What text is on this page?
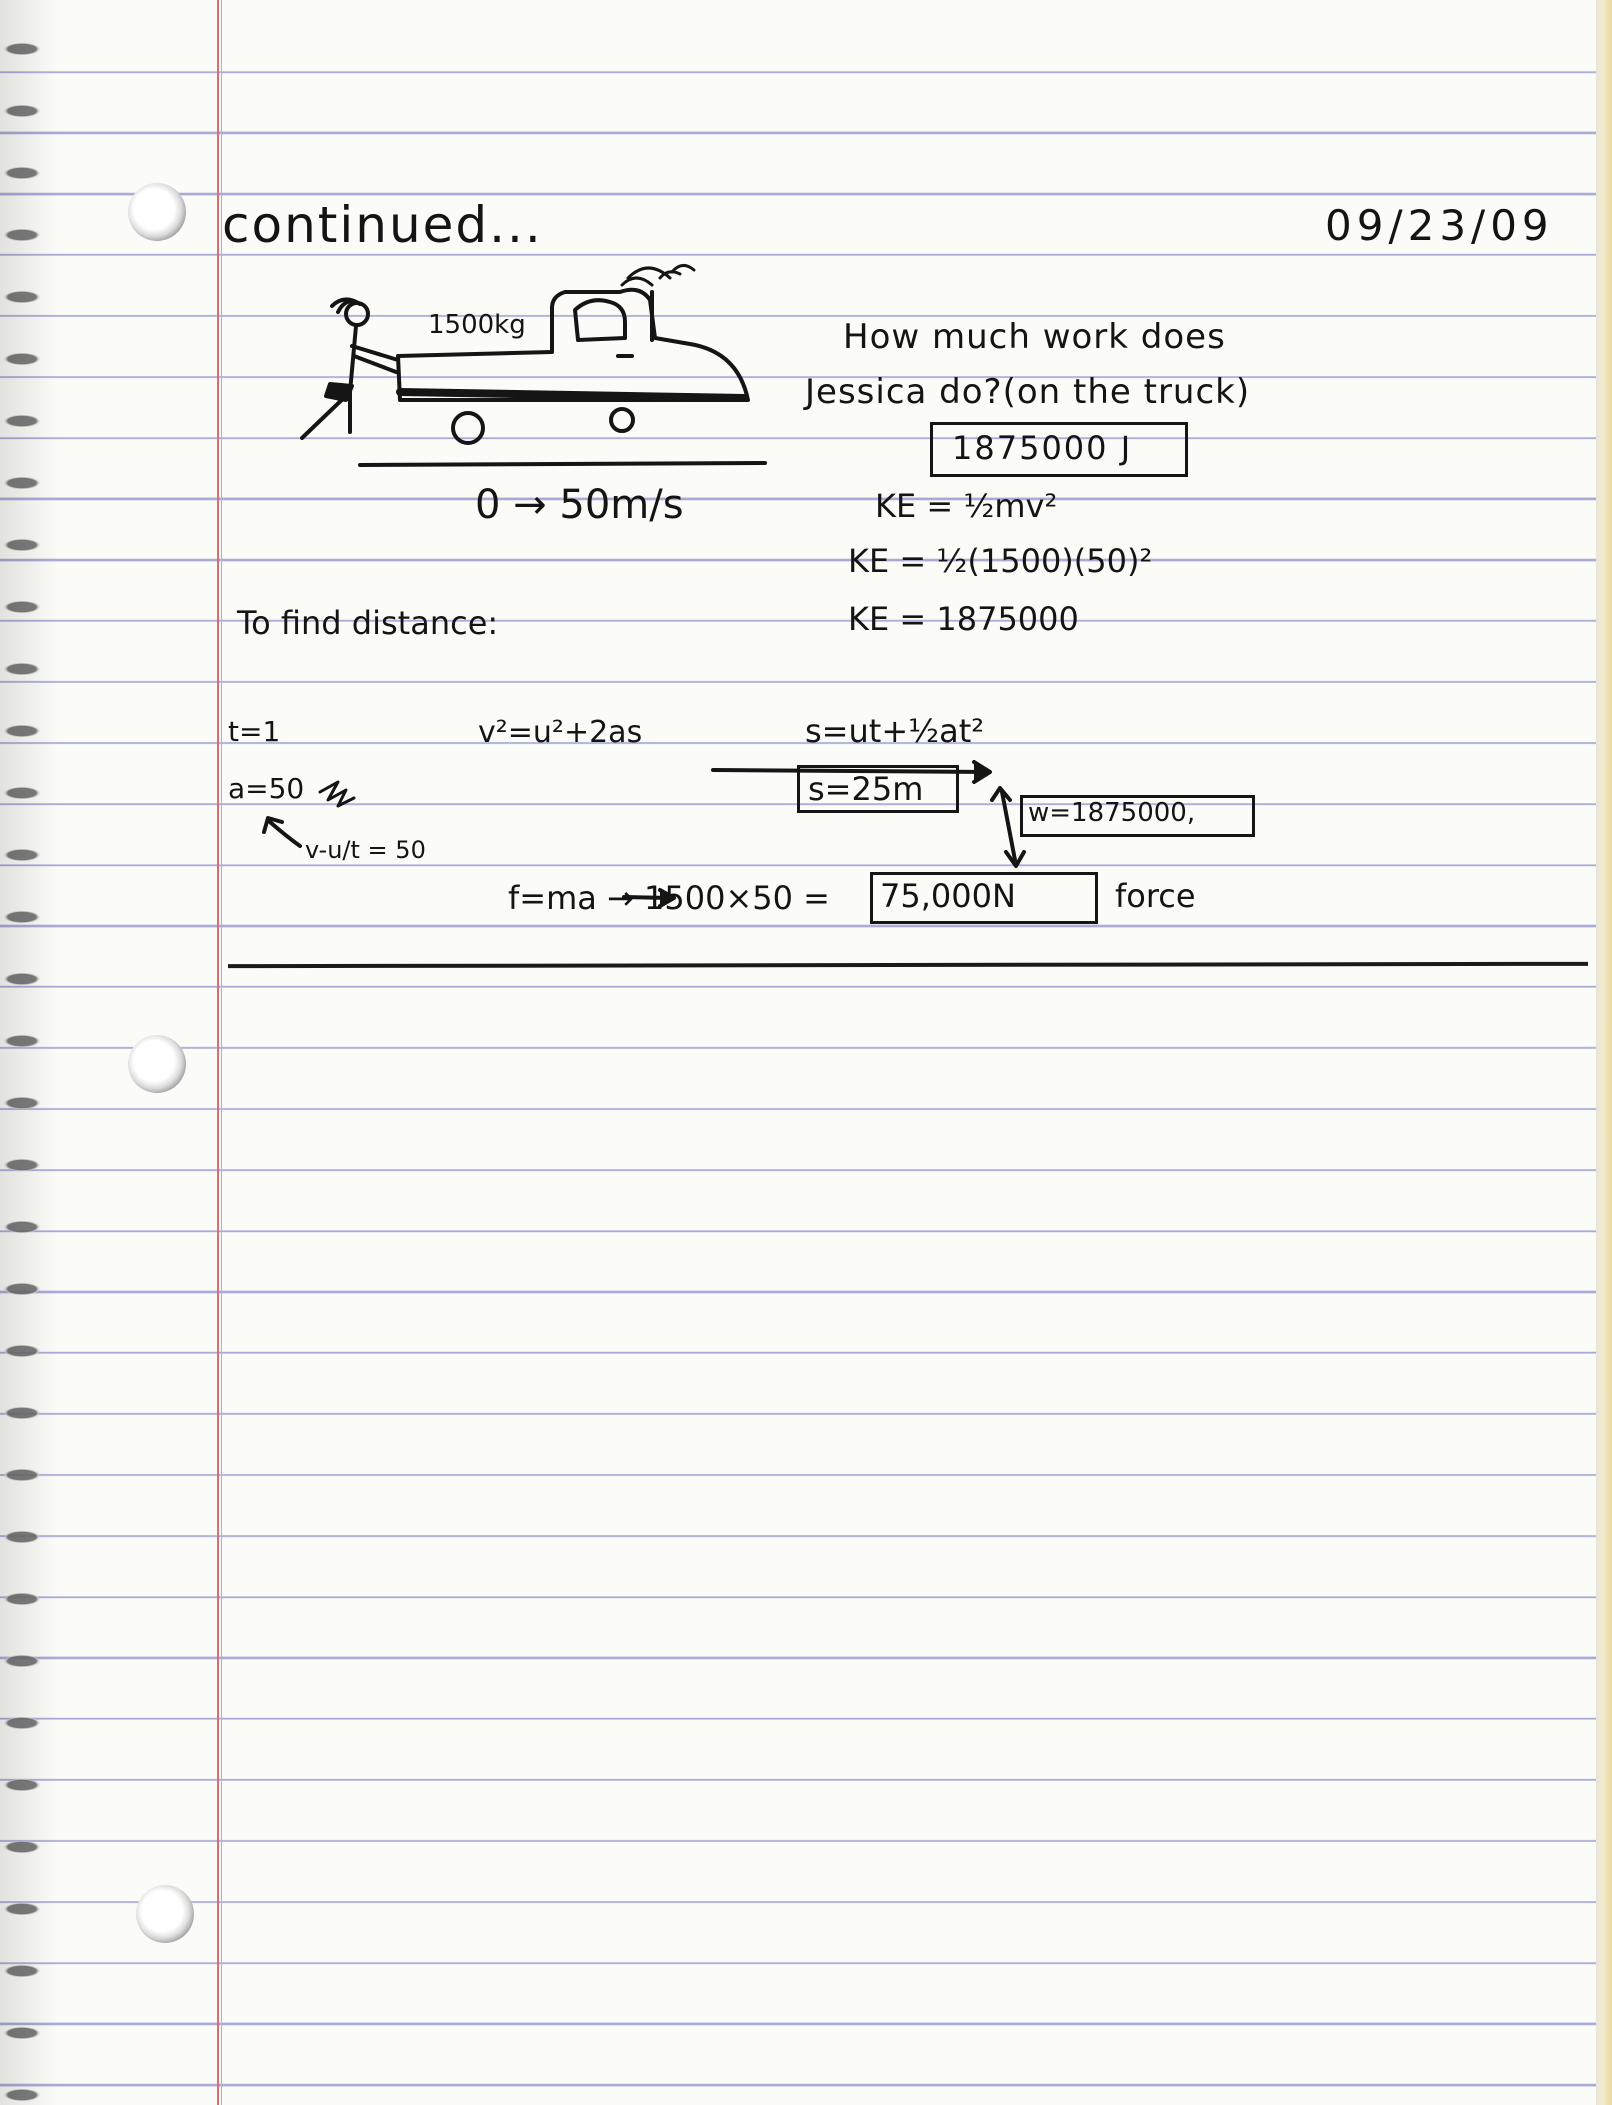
continued...	09/23/09
1500kg
0 → 50m/s
How much work does
Jessica do?(on the truck)
1875000 J
KE = ½mv²
KE = ½(1500)(50)²
KE = 1875000
To find distance:
t=1
a=50
v-u/t = 50
v²=u²+2as	s=ut+½at²
s=25m
w=1875000,
f=ma → 1500×50 = 75,000N	force
